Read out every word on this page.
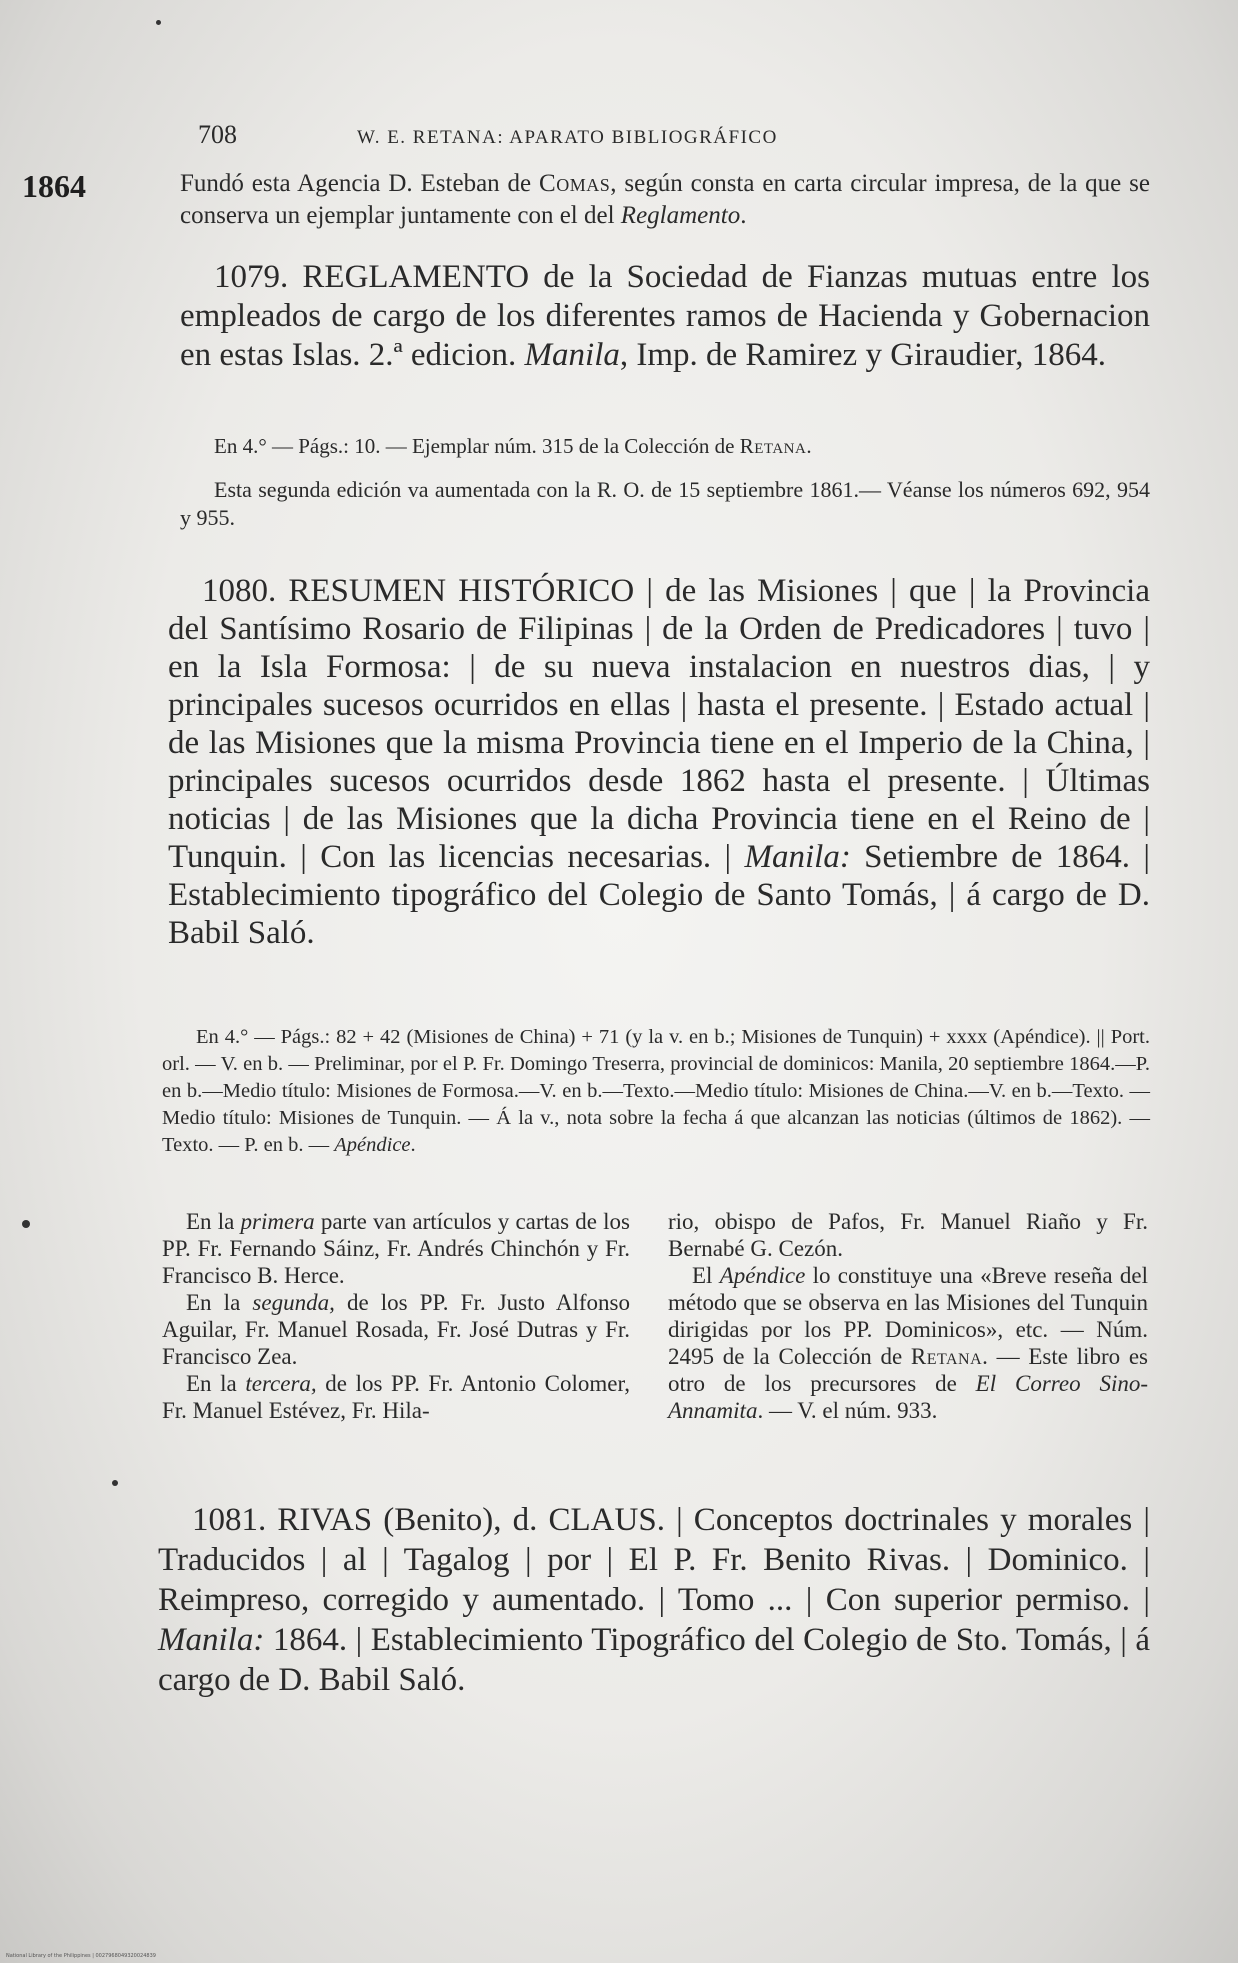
708	W. E. RETANA: APARATO BIBLIOGRÁFICO
1864	Fundó esta Agencia D. Esteban de Comas, según consta en carta circular impresa, de la que se conserva un ejemplar juntamente con el del Reglamento.
1079. REGLAMENTO de la Sociedad de Fianzas mutuas entre los empleados de cargo de los diferentes ramos de Hacienda y Gobernacion en estas Islas. 2.ª edicion. Manila, Imp. de Ramirez y Giraudier, 1864.
En 4.° — Págs.: 10. — Ejemplar núm. 315 de la Colección de Retana.
Esta segunda edición va aumentada con la R. O. de 15 septiembre 1861.— Véanse los números 692, 954 y 955.
1080. RESUMEN HISTÓRICO | de las Misiones | que | la Provincia del Santísimo Rosario de Filipinas | de la Orden de Predicadores | tuvo | en la Isla Formosa: | de su nueva instalacion en nuestros dias, | y principales sucesos ocurridos en ellas | hasta el presente. | Estado actual | de las Misiones que la misma Provincia tiene en el Imperio de la China, | principales sucesos ocurridos desde 1862 hasta el presente. | Últimas noticias | de las Misiones que la dicha Provincia tiene en el Reino de | Tunquin. | Con las licencias necesarias. | Manila: Setiembre de 1864. | Establecimiento tipográfico del Colegio de Santo Tomás, | á cargo de D. Babil Saló.
En 4.° — Págs.: 82 + 42 (Misiones de China) + 71 (y la v. en b.; Misiones de Tunquin) + xxxx (Apéndice). || Port. orl. — V. en b. — Preliminar, por el P. Fr. Domingo Treserra, provincial de dominicos: Manila, 20 septiembre 1864.—P. en b.—Medio título: Misiones de Formosa.—V. en b.—Texto.—Medio título: Misiones de China.—V. en b.—Texto. — Medio título: Misiones de Tunquin. — Á la v., nota sobre la fecha á que alcanzan las noticias (últimos de 1862). — Texto. — P. en b. — Apéndice.

En la primera parte van artículos y cartas de los PP. Fr. Fernando Sáinz, Fr. Andrés Chinchón y Fr. Francisco B. Herce.

En la segunda, de los PP. Fr. Justo Alfonso Aguilar, Fr. Manuel Rosada, Fr. José Dutras y Fr. Francisco Zea.

En la tercera, de los PP. Fr. Antonio Colomer, Fr. Manuel Estévez, Fr. Hila-

rio, obispo de Pafos, Fr. Manuel Riaño y Fr. Bernabé G. Cezón.

El Apéndice lo constituye una «Breve reseña del método que se observa en las Misiones del Tunquin dirigidas por los PP. Dominicos», etc. — Núm. 2495 de la Colección de Retana. — Este libro es otro de los precursores de El Correo Sino-Annamita. — V. el núm. 933.

1081. RIVAS (Benito), d. CLAUS. | Conceptos doctrinales y morales | Traducidos | al | Tagalog | por | El P. Fr. Benito Rivas. | Dominico. | Reimpreso, corregido y aumentado. | Tomo ... | Con superior permiso. | Manila: 1864. | Establecimiento Tipográfico del Colegio de Sto. Tomás, | á cargo de D. Babil Saló.
National Library of the Philippines | 0027968049320024839
